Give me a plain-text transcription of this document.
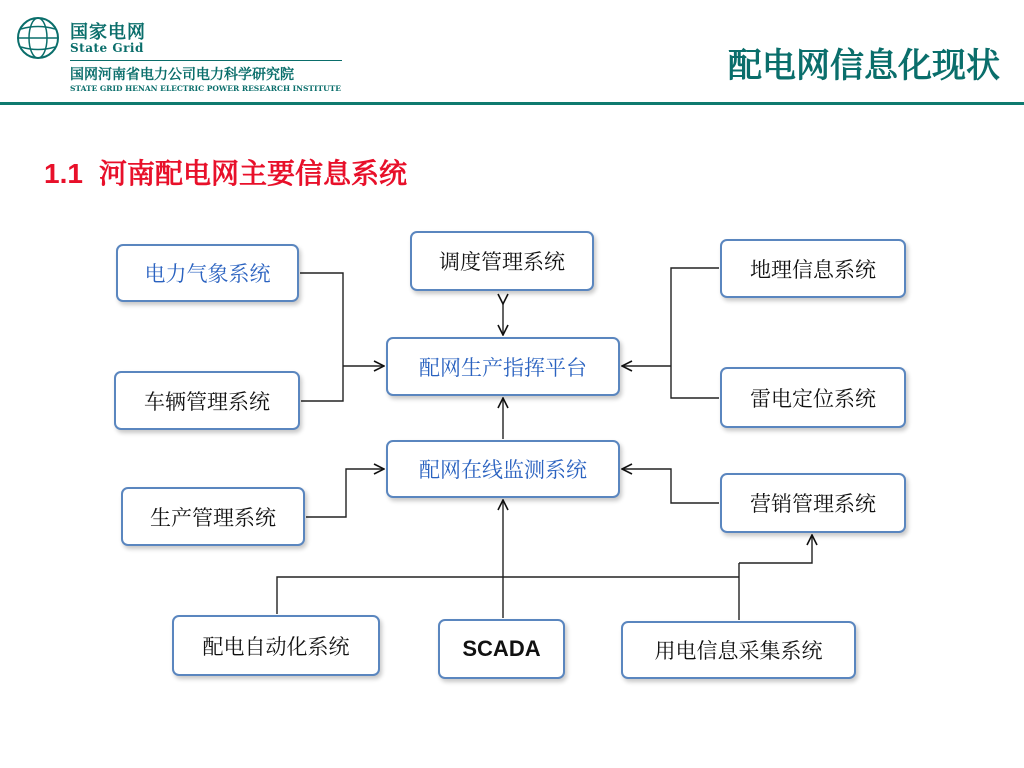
国家电网
State Grid
国网河南省电力公司电力科学研究院
STATE GRID HENAN ELECTRIC POWER RESEARCH INSTITUTE
配电网信息化现状
1.1 河南配电网主要信息系统
电力气象系统
车辆管理系统
调度管理系统	地理信息系统
配网生产指挥平台
雷电定位系统
配网在线监测系统
生产管理系统
营销管理系统
配电自动化系统	SCADA	用电信息采集系统
